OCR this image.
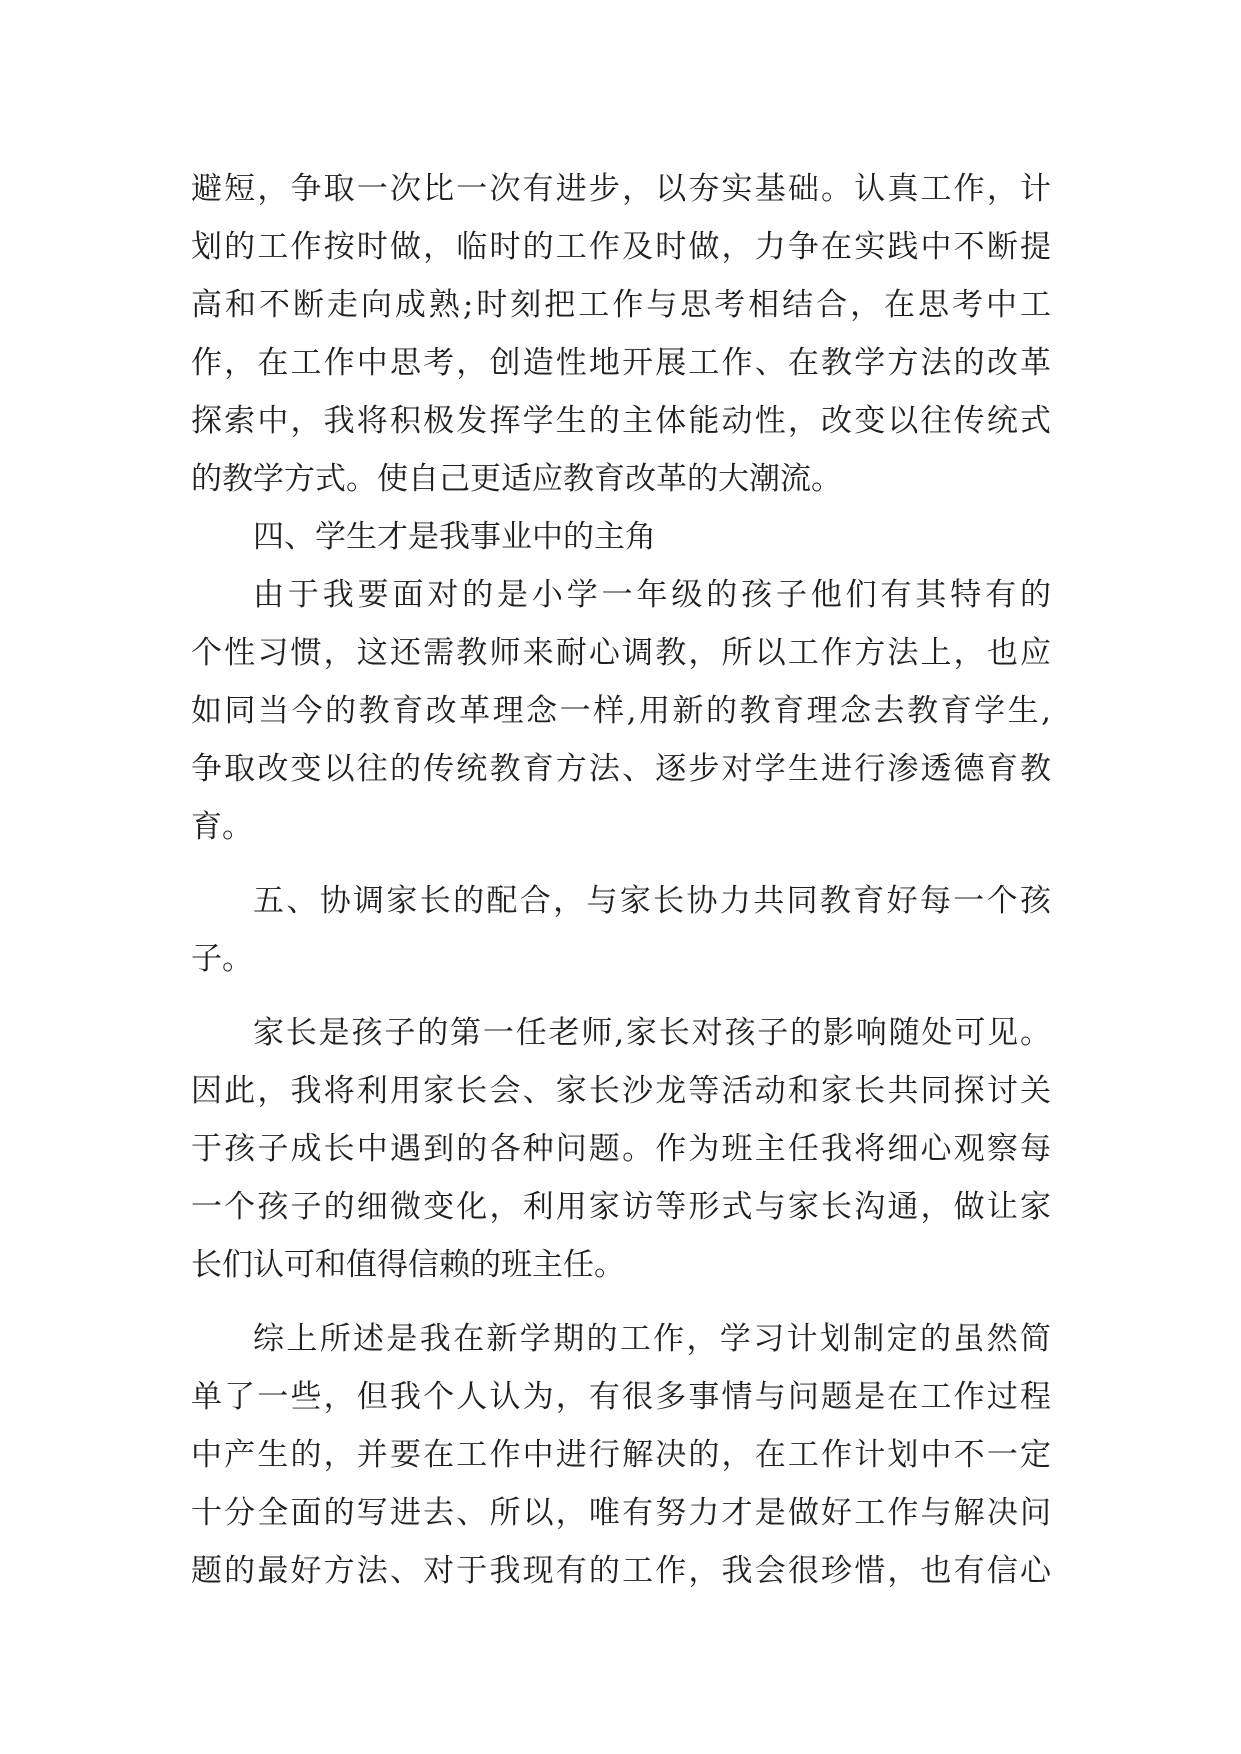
避短，争取一次比一次有进步，以夯实基础。认真工作，计
划的工作按时做，临时的工作及时做，力争在实践中不断提
高和不断走向成熟;时刻把工作与思考相结合，在思考中工
作，在工作中思考，创造性地开展工作、在教学方法的改革
探索中，我将积极发挥学生的主体能动性，改变以往传统式
的教学方式。使自己更适应教育改革的大潮流。
四、学生才是我事业中的主角
由于我要面对的是小学一年级的孩子他们有其特有的
个性习惯，这还需教师来耐心调教，所以工作方法上，也应
如同当今的教育改革理念一样,用新的教育理念去教育学生,
争取改变以往的传统教育方法、逐步对学生进行渗透德育教
育。
五、协调家长的配合，与家长协力共同教育好每一个孩
子。
家长是孩子的第一任老师,家长对孩子的影响随处可见。
因此，我将利用家长会、家长沙龙等活动和家长共同探讨关
于孩子成长中遇到的各种问题。作为班主任我将细心观察每
一个孩子的细微变化，利用家访等形式与家长沟通，做让家
长们认可和值得信赖的班主任。
综上所述是我在新学期的工作，学习计划制定的虽然简
单了一些，但我个人认为，有很多事情与问题是在工作过程
中产生的，并要在工作中进行解决的，在工作计划中不一定
十分全面的写进去、所以，唯有努力才是做好工作与解决问
题的最好方法、对于我现有的工作，我会很珍惜，也有信心
